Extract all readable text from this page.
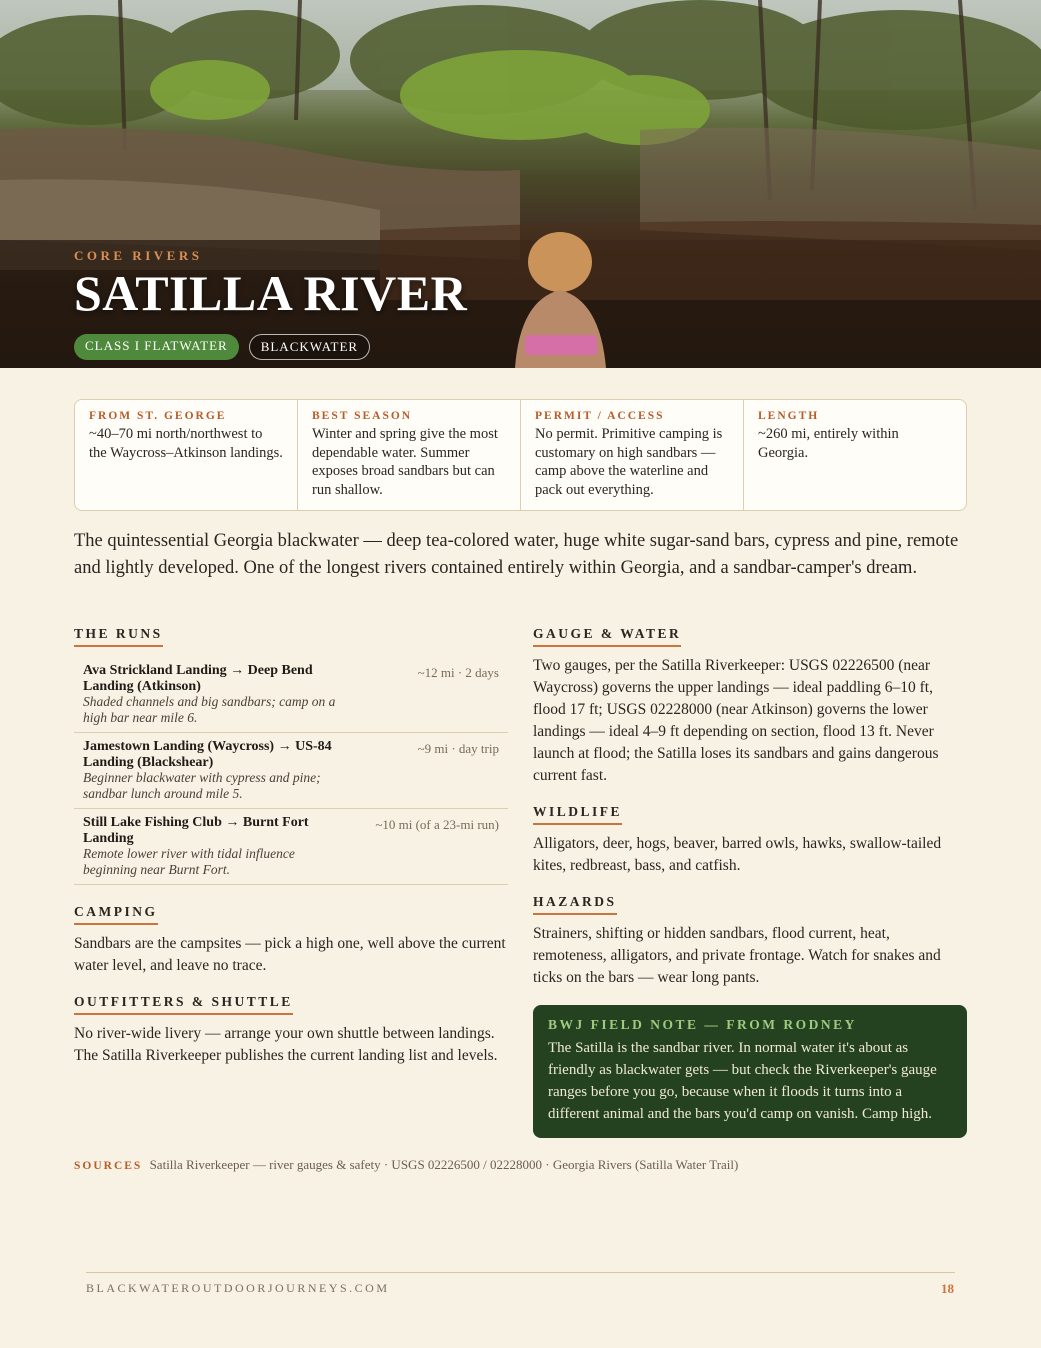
CORE RIVERS
SATILLA RIVER
CLASS I FLATWATER	BLACKWATER
FROM ST. GEORGE
~40–70 mi north/northwest to the Waycross–Atkinson landings.
BEST SEASON
Winter and spring give the most dependable water. Summer exposes broad sandbars but can run shallow.
PERMIT / ACCESS
No permit. Primitive camping is customary on high sandbars — camp above the waterline and pack out everything.
LENGTH
~260 mi, entirely within Georgia.

The quintessential Georgia blackwater — deep tea-colored water, huge white sugar-sand bars, cypress and pine, remote and lightly developed. One of the longest rivers contained entirely within Georgia, and a sandbar-camper's dream.

THE RUNS
Ava Strickland Landing → Deep Bend Landing (Atkinson)
~12 mi · 2 days
Shaded channels and big sandbars; camp on a high bar near mile 6.
Jamestown Landing (Waycross) → US-84 Landing (Blackshear)
~9 mi · day trip
Beginner blackwater with cypress and pine; sandbar lunch around mile 5.
Still Lake Fishing Club → Burnt Fort Landing
~10 mi (of a 23-mi run)
Remote lower river with tidal influence beginning near Burnt Fort.
CAMPING

Sandbars are the campsites — pick a high one, well above the current water level, and leave no trace.

OUTFITTERS & SHUTTLE

No river-wide livery — arrange your own shuttle between landings. The Satilla Riverkeeper publishes the current landing list and levels.

GAUGE & WATER

Two gauges, per the Satilla Riverkeeper: USGS 02226500 (near Waycross) governs the upper landings — ideal paddling 6–10 ft, flood 17 ft; USGS 02228000 (near Atkinson) governs the lower landings — ideal 4–9 ft depending on section, flood 13 ft. Never launch at flood; the Satilla loses its sandbars and gains dangerous current fast.

WILDLIFE

Alligators, deer, hogs, beaver, barred owls, hawks, swallow-tailed kites, redbreast, bass, and catfish.

HAZARDS

Strainers, shifting or hidden sandbars, flood current, heat, remoteness, alligators, and private frontage. Watch for snakes and ticks on the bars — wear long pants.

BWJ FIELD NOTE — FROM RODNEY

The Satilla is the sandbar river. In normal water it's about as friendly as blackwater gets — but check the Riverkeeper's gauge ranges before you go, because when it floods it turns into a different animal and the bars you'd camp on vanish. Camp high.

SOURCES Satilla Riverkeeper — river gauges & safety · USGS 02226500 / 02228000 · Georgia Rivers (Satilla Water Trail)
BLACKWATEROUTDOORJOURNEYS.COM	18
